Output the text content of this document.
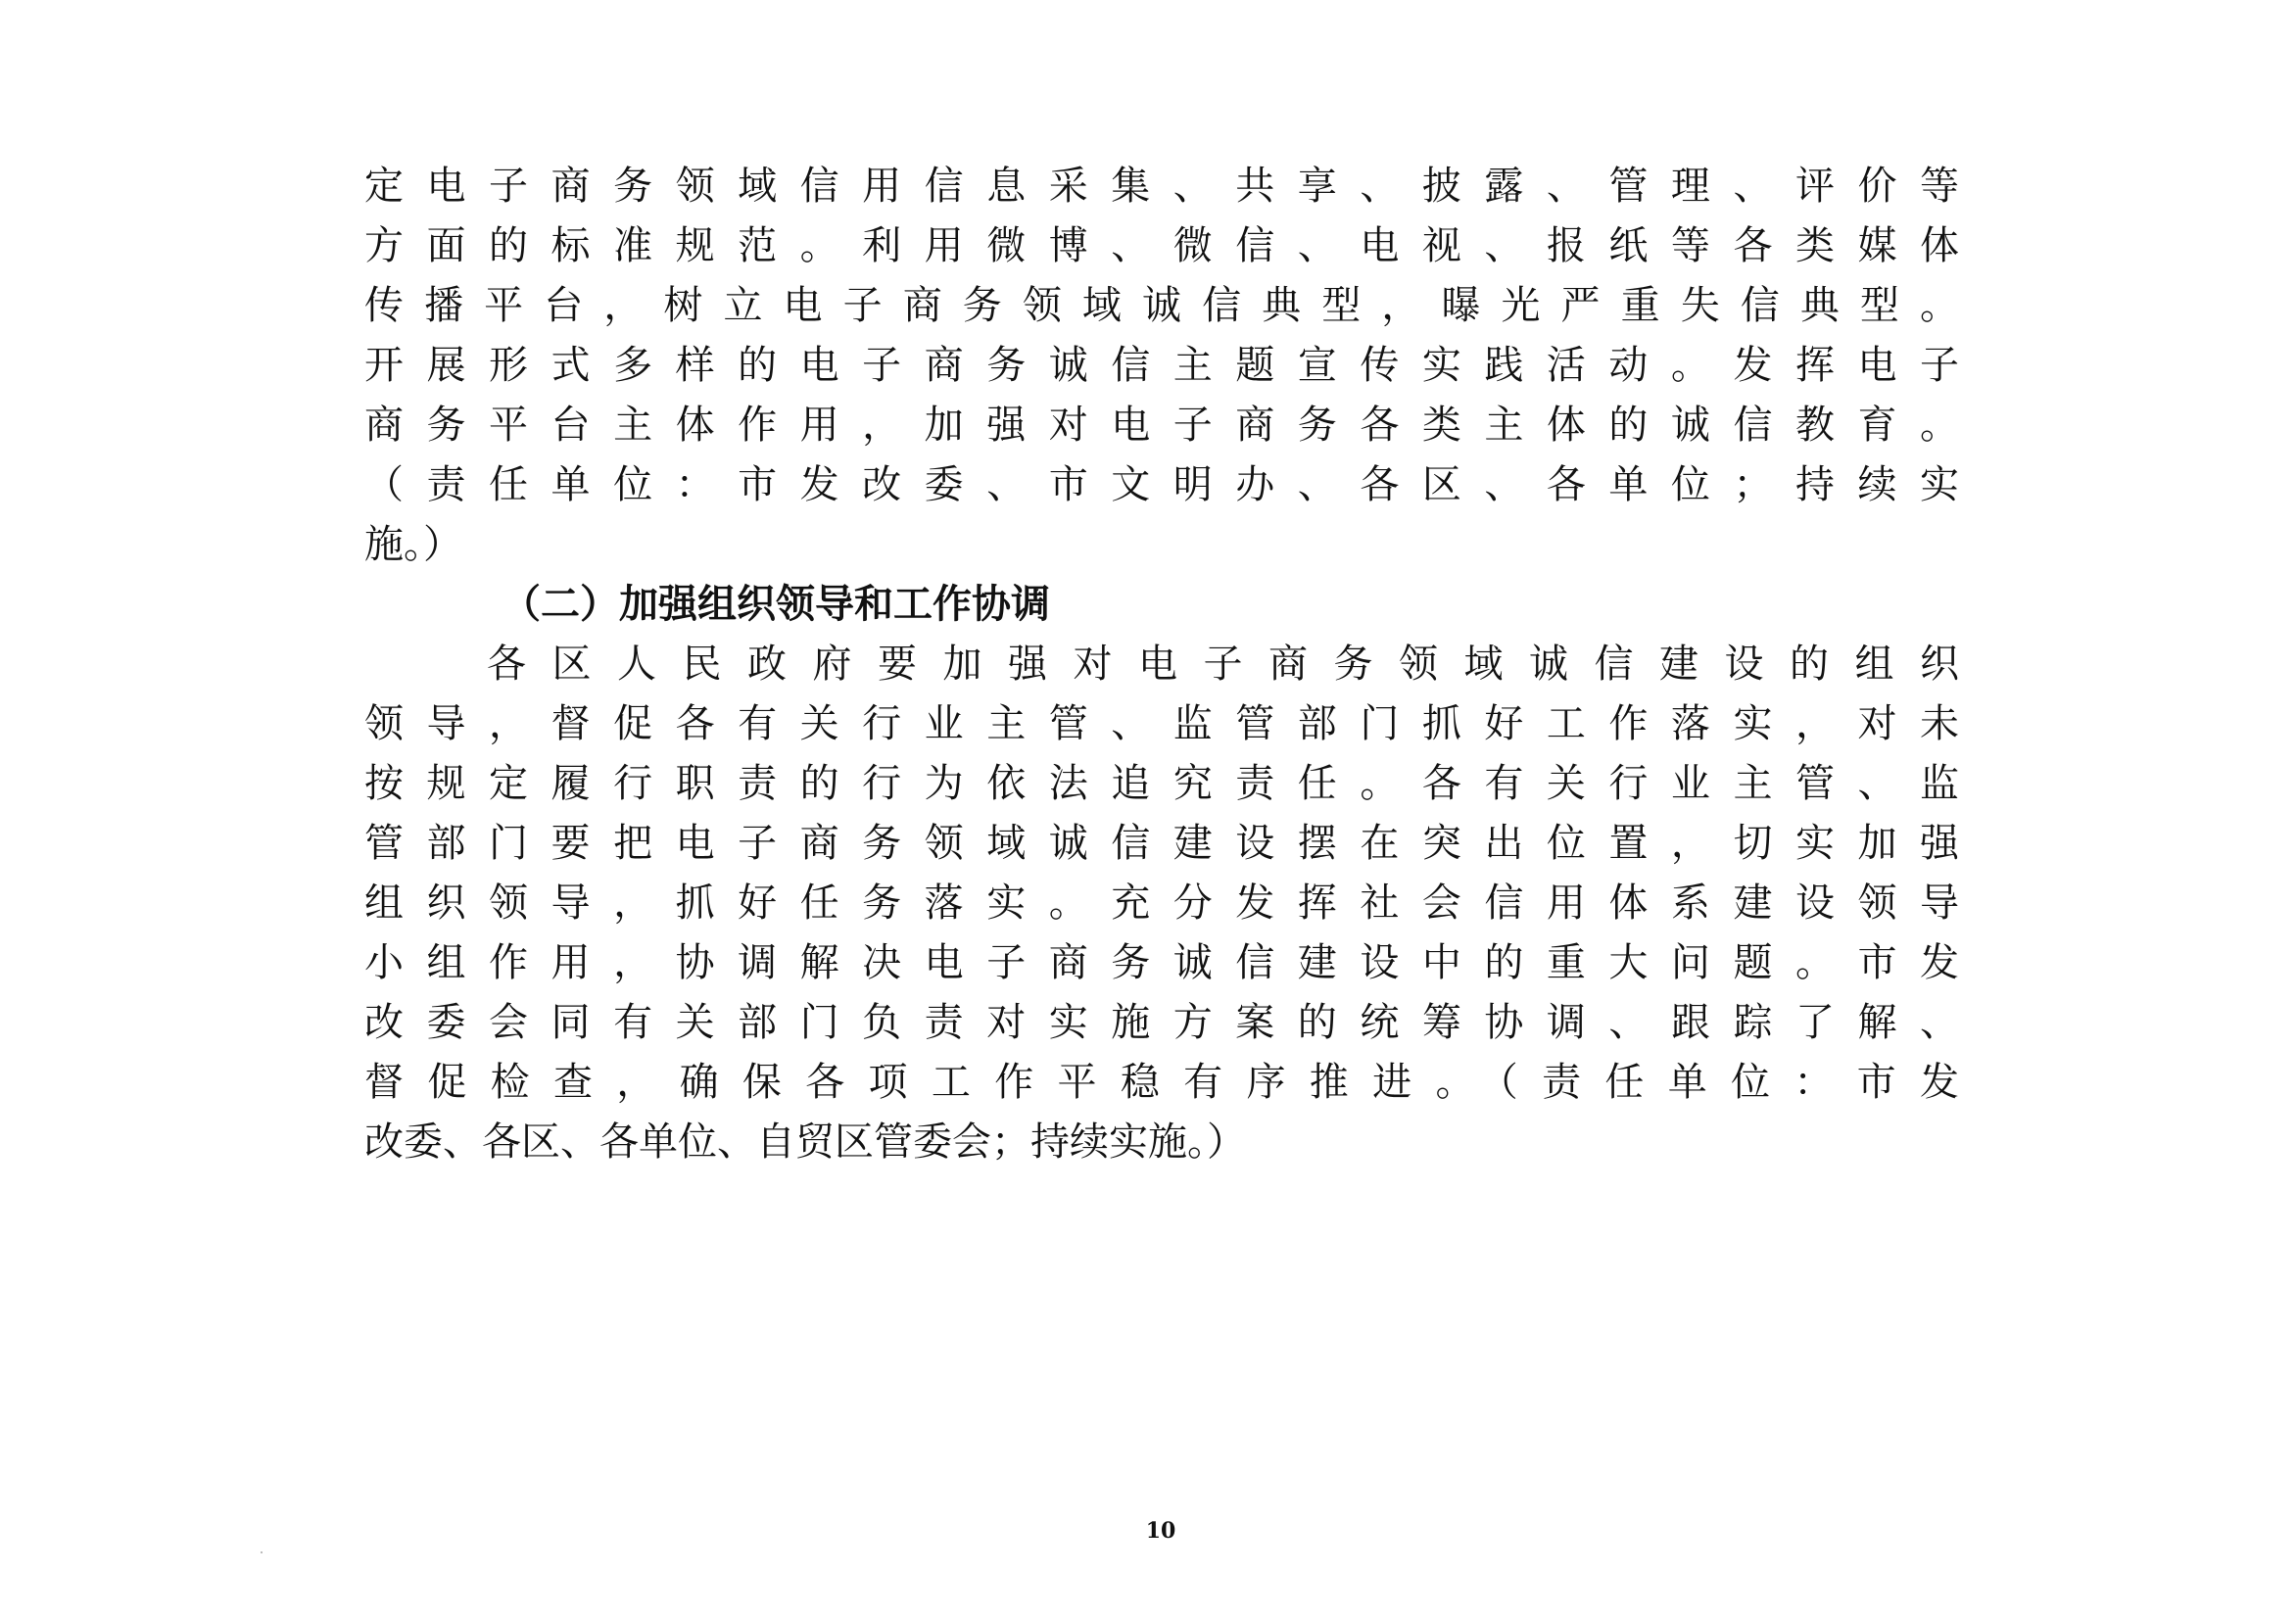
定电子商务领域信用信息采集、共享、披露、管理、评价等
方面的标准规范。利用微博、微信、电视、报纸等各类媒体
传播平台，树立电子商务领域诚信典型，曝光严重失信典型。
开展形式多样的电子商务诚信主题宣传实践活动。发挥电子
商务平台主体作用，加强对电子商务各类主体的诚信教育。
（责任单位：市发改委、市文明办、各区、各单位；持续实
施。）
（二）加强组织领导和工作协调
各区人民政府要加强对电子商务领域诚信建设的组织
领导，督促各有关行业主管、监管部门抓好工作落实，对未
按规定履行职责的行为依法追究责任。各有关行业主管、监
管部门要把电子商务领域诚信建设摆在突出位置，切实加强
组织领导，抓好任务落实。充分发挥社会信用体系建设领导
小组作用，协调解决电子商务诚信建设中的重大问题。市发
改委会同有关部门负责对实施方案的统筹协调、跟踪了解、
督促检查，确保各项工作平稳有序推进。（责任单位：市发
改委、各区、各单位、自贸区管委会；持续实施。）
10
